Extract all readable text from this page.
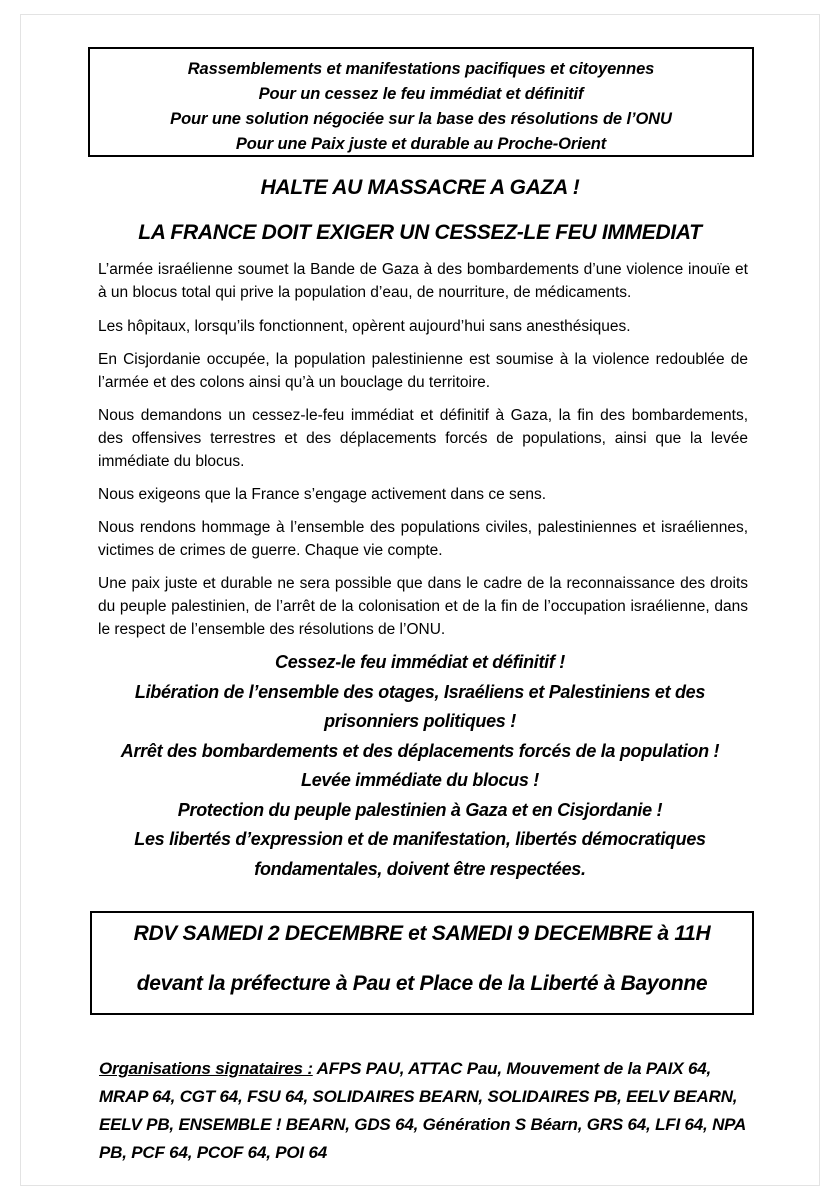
Rassemblements et manifestations pacifiques et citoyennes
Pour un cessez le feu immédiat et définitif
Pour une solution négociée sur la base des résolutions de l’ONU
Pour une Paix juste et durable au Proche-Orient
HALTE AU MASSACRE A GAZA !
LA FRANCE DOIT EXIGER UN CESSEZ-LE FEU IMMEDIAT
L’armée israélienne soumet la Bande de Gaza à des bombardements d’une violence inouïe et à un blocus total qui prive la population d’eau, de nourriture, de médicaments.
Les hôpitaux, lorsqu’ils fonctionnent, opèrent aujourd’hui sans anesthésiques.
En Cisjordanie occupée, la population palestinienne est soumise à la violence redoublée de l’armée et des colons ainsi qu’à un bouclage du territoire.
Nous demandons un cessez-le-feu immédiat et définitif à Gaza, la fin des bombardements, des offensives terrestres et des déplacements forcés de populations, ainsi que la levée immédiate du blocus.
Nous exigeons que la France s’engage activement dans ce sens.
Nous rendons hommage à l’ensemble des populations civiles, palestiniennes et israéliennes, victimes de crimes de guerre. Chaque vie compte.
Une paix juste et durable ne sera possible que dans le cadre de la reconnaissance des droits du peuple palestinien, de l’arrêt de la colonisation et de la fin de l’occupation israélienne, dans le respect de l’ensemble des résolutions de l’ONU.
Cessez-le feu immédiat et définitif !
Libération de l’ensemble des otages, Israéliens et Palestiniens et des
prisonniers politiques !
Arrêt des bombardements et des déplacements forcés de la population !
Levée immédiate du blocus !
Protection du peuple palestinien à Gaza et en Cisjordanie !
Les libertés d’expression et de manifestation, libertés démocratiques
fondamentales, doivent être respectées.
RDV SAMEDI 2 DECEMBRE et SAMEDI 9 DECEMBRE à 11H
devant la préfecture à Pau et Place de la Liberté à Bayonne
Organisations signataires : AFPS PAU, ATTAC Pau, Mouvement de la PAIX 64, MRAP 64, CGT 64, FSU 64, SOLIDAIRES BEARN, SOLIDAIRES PB, EELV BEARN, EELV PB, ENSEMBLE ! BEARN, GDS 64, Génération S Béarn, GRS 64, LFI 64, NPA PB, PCF 64, PCOF 64, POI 64
